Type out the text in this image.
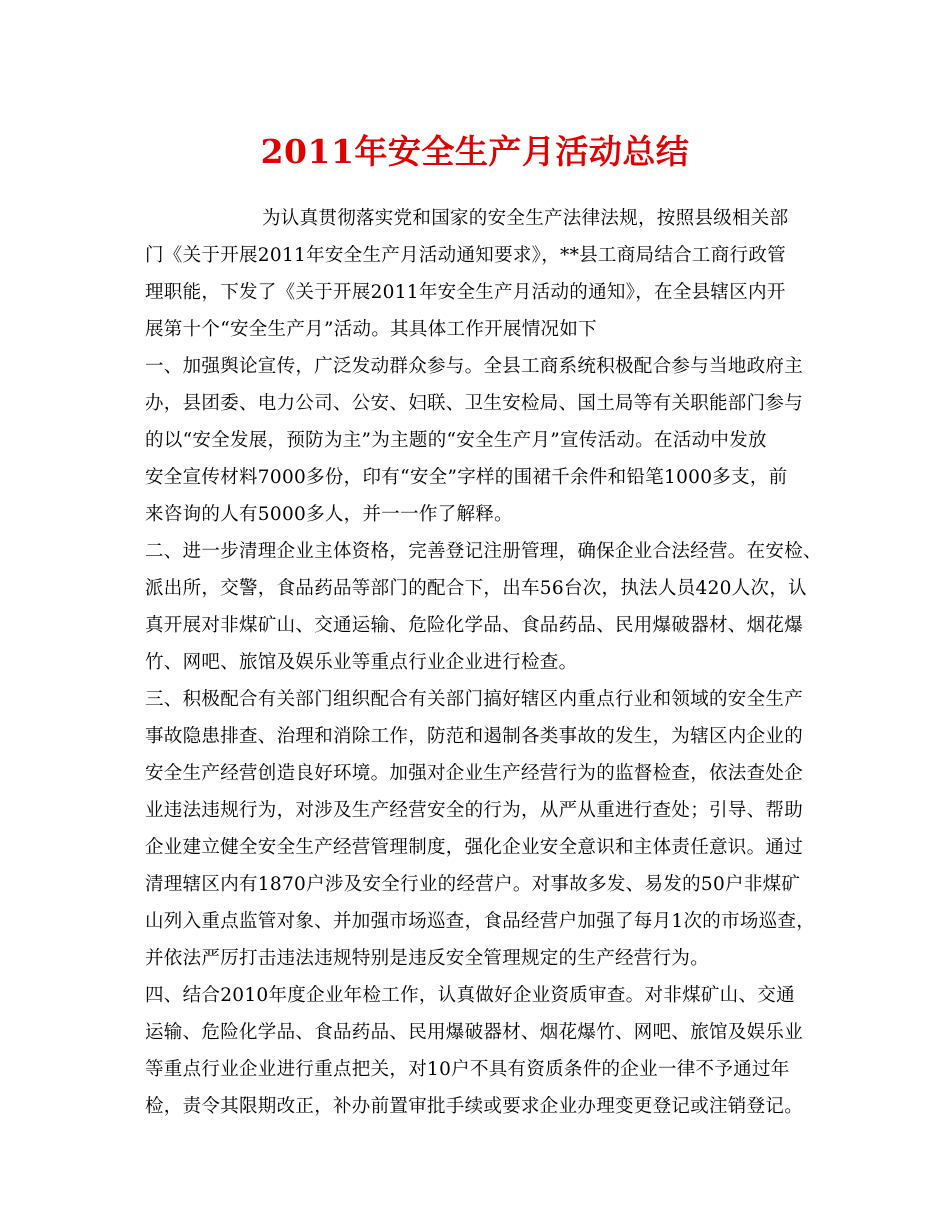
2011年安全生产月活动总结
为认真贯彻落实党和国家的安全生产法律法规，按照县级相关部
门《关于开展2011年安全生产月活动通知要求》，**县工商局结合工商行政管
理职能，下发了《关于开展2011年安全生产月活动的通知》，在全县辖区内开
展第十个“安全生产月”活动。其具体工作开展情况如下
一、加强舆论宣传，广泛发动群众参与。全县工商系统积极配合参与当地政府主
办，县团委、电力公司、公安、妇联、卫生安检局、国土局等有关职能部门参与
的以“安全发展，预防为主”为主题的“安全生产月”宣传活动。在活动中发放
安全宣传材料7000多份，印有“安全”字样的围裙千余件和铅笔1000多支，前
来咨询的人有5000多人，并一一作了解释。
二、进一步清理企业主体资格，完善登记注册管理，确保企业合法经营。在安检、
派出所，交警，食品药品等部门的配合下，出车56台次，执法人员420人次，认
真开展对非煤矿山、交通运输、危险化学品、食品药品、民用爆破器材、烟花爆
竹、网吧、旅馆及娱乐业等重点行业企业进行检查。
三、积极配合有关部门组织配合有关部门搞好辖区内重点行业和领域的安全生产
事故隐患排查、治理和消除工作，防范和遏制各类事故的发生，为辖区内企业的
安全生产经营创造良好环境。加强对企业生产经营行为的监督检查，依法查处企
业违法违规行为，对涉及生产经营安全的行为，从严从重进行查处；引导、帮助
企业建立健全安全生产经营管理制度，强化企业安全意识和主体责任意识。通过
清理辖区内有1870户涉及安全行业的经营户。对事故多发、易发的50户非煤矿
山列入重点监管对象、并加强市场巡查，食品经营户加强了每月1次的市场巡查，
并依法严厉打击违法违规特别是违反安全管理规定的生产经营行为。
四、结合2010年度企业年检工作，认真做好企业资质审查。对非煤矿山、交通
运输、危险化学品、食品药品、民用爆破器材、烟花爆竹、网吧、旅馆及娱乐业
等重点行业企业进行重点把关，对10户不具有资质条件的企业一律不予通过年
检，责令其限期改正，补办前置审批手续或要求企业办理变更登记或注销登记。
